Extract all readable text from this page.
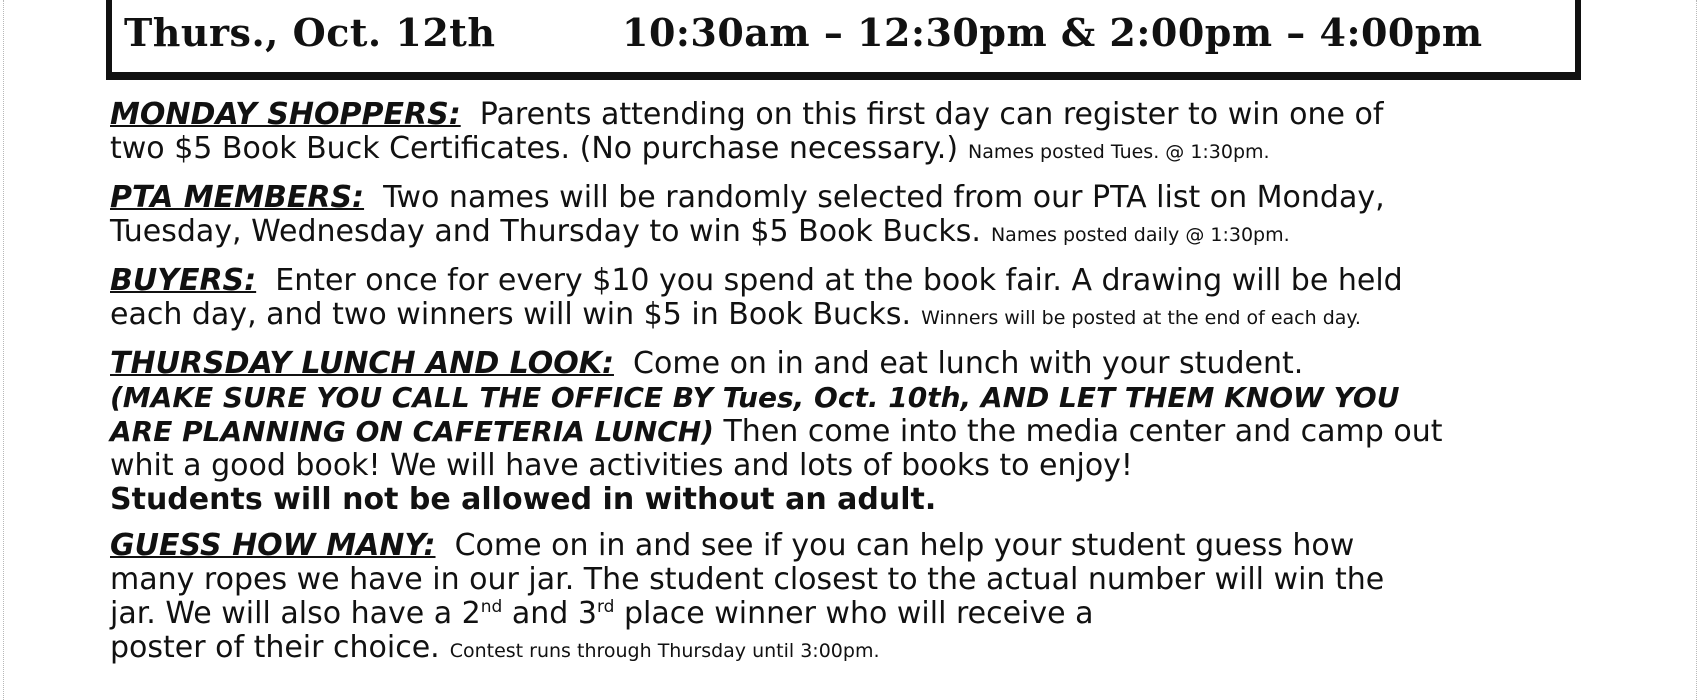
Thurs., Oct. 12th	10:30am – 12:30pm & 2:00pm – 4:00pm
MONDAY SHOPPERS: Parents attending on this first day can register to win one of
two $5 Book Buck Certificates. (No purchase necessary.) Names posted Tues. @ 1:30pm.
PTA MEMBERS: Two names will be randomly selected from our PTA list on Monday,
Tuesday, Wednesday and Thursday to win $5 Book Bucks. Names posted daily @ 1:30pm.
BUYERS: Enter once for every $10 you spend at the book fair. A drawing will be held
each day, and two winners will win $5 in Book Bucks. Winners will be posted at the end of each day.
THURSDAY LUNCH AND LOOK: Come on in and eat lunch with your student.
(MAKE SURE YOU CALL THE OFFICE BY Tues, Oct. 10th, AND LET THEM KNOW YOU
ARE PLANNING ON CAFETERIA LUNCH) Then come into the media center and camp out
whit a good book! We will have activities and lots of books to enjoy!
Students will not be allowed in without an adult.
GUESS HOW MANY: Come on in and see if you can help your student guess how
many ropes we have in our jar. The student closest to the actual number will win the
jar. We will also have a 2nd and 3rd place winner who will receive a
poster of their choice. Contest runs through Thursday until 3:00pm.
